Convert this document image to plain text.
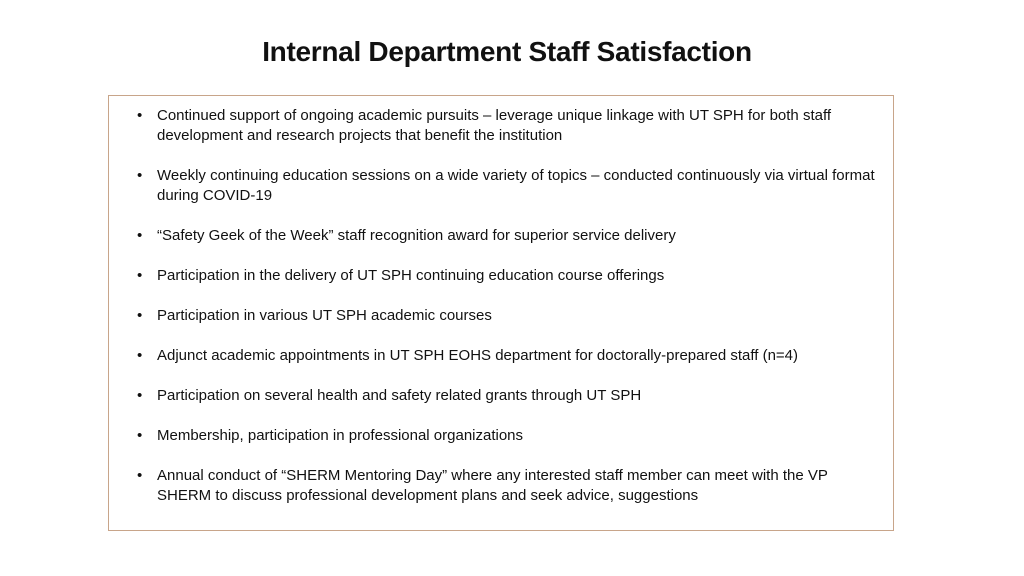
Internal Department Staff Satisfaction
• Continued support of ongoing academic pursuits – leverage unique linkage with UT SPH for both staff development and research projects that benefit the institution
• Weekly continuing education sessions on a wide variety of topics – conducted continuously via virtual format during COVID-19
• “Safety Geek of the Week” staff recognition award for superior service delivery
• Participation in the delivery of UT SPH continuing education course offerings
• Participation in various UT SPH academic courses
• Adjunct academic appointments in UT SPH EOHS department for doctorally-prepared staff (n=4)
• Participation on several health and safety related grants through UT SPH
• Membership, participation in professional organizations
• Annual conduct of “SHERM Mentoring Day” where any interested staff member can meet with the VP SHERM to discuss professional development plans and seek advice, suggestions
